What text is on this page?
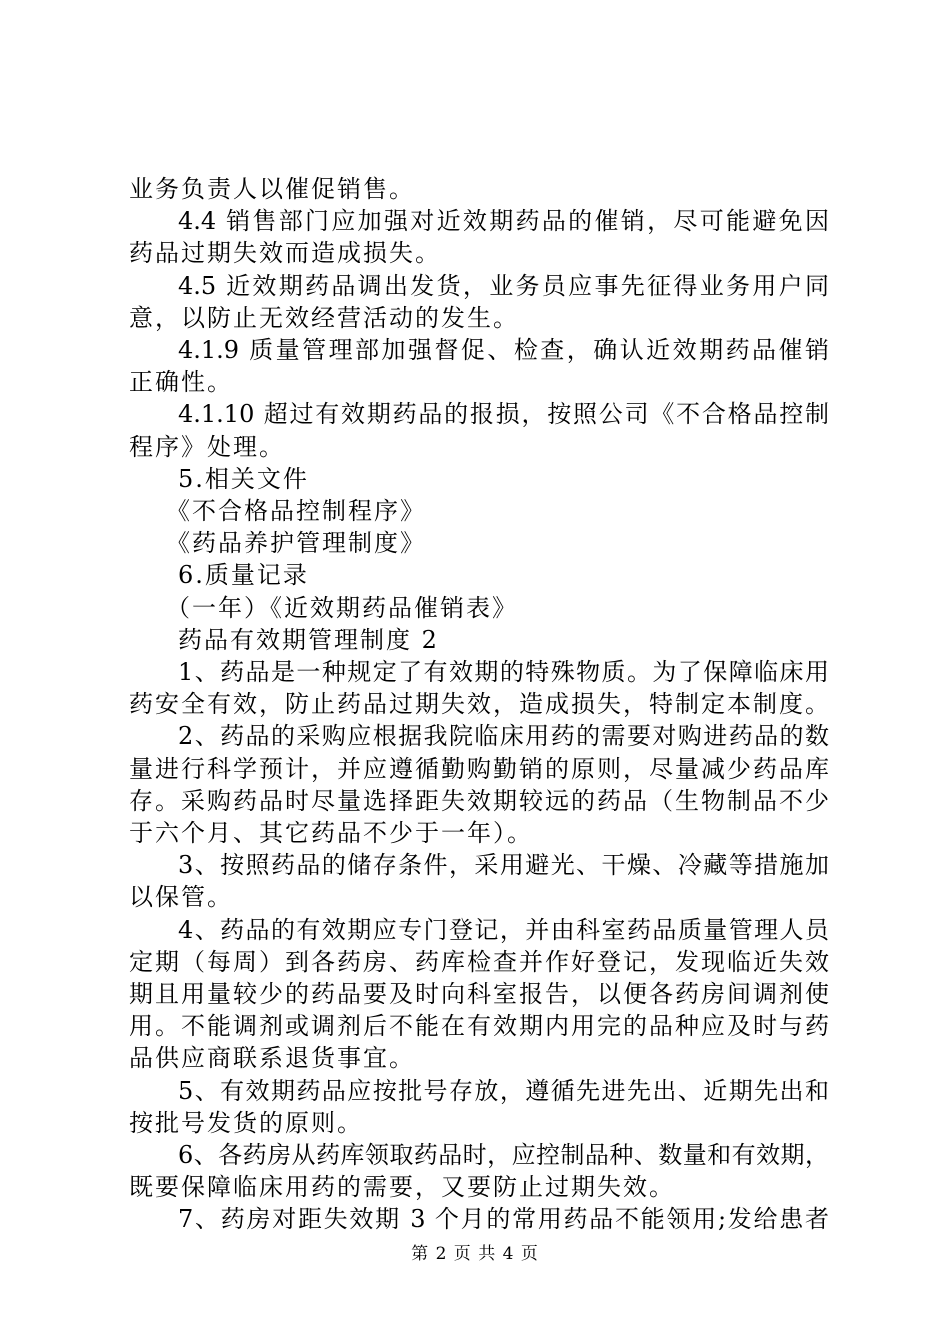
业务负责人以催促销售。
4.4 销售部门应加强对近效期药品的催销，尽可能避免因
药品过期失效而造成损失。
4.5 近效期药品调出发货，业务员应事先征得业务用户同
意，以防止无效经营活动的发生。
4.1.9 质量管理部加强督促、检查，确认近效期药品催销
正确性。
4.1.10 超过有效期药品的报损，按照公司《不合格品控制
程序》处理。
5.相关文件
《不合格品控制程序》
《药品养护管理制度》
6.质量记录
（一年）《近效期药品催销表》
药品有效期管理制度 2
1、药品是一种规定了有效期的特殊物质。为了保障临床用
药安全有效，防止药品过期失效，造成损失，特制定本制度。
2、药品的采购应根据我院临床用药的需要对购进药品的数
量进行科学预计，并应遵循勤购勤销的原则，尽量减少药品库
存。采购药品时尽量选择距失效期较远的药品（生物制品不少
于六个月、其它药品不少于一年）。
3、按照药品的储存条件，采用避光、干燥、冷藏等措施加
以保管。
4、药品的有效期应专门登记，并由科室药品质量管理人员
定期（每周）到各药房、药库检查并作好登记，发现临近失效
期且用量较少的药品要及时向科室报告，以便各药房间调剂使
用。不能调剂或调剂后不能在有效期内用完的品种应及时与药
品供应商联系退货事宜。
5、有效期药品应按批号存放，遵循先进先出、近期先出和
按批号发货的原则。
6、各药房从药库领取药品时，应控制品种、数量和有效期，
既要保障临床用药的需要，又要防止过期失效。
7、药房对距失效期 3 个月的常用药品不能领用;发给患者
第 2 页 共 4 页
